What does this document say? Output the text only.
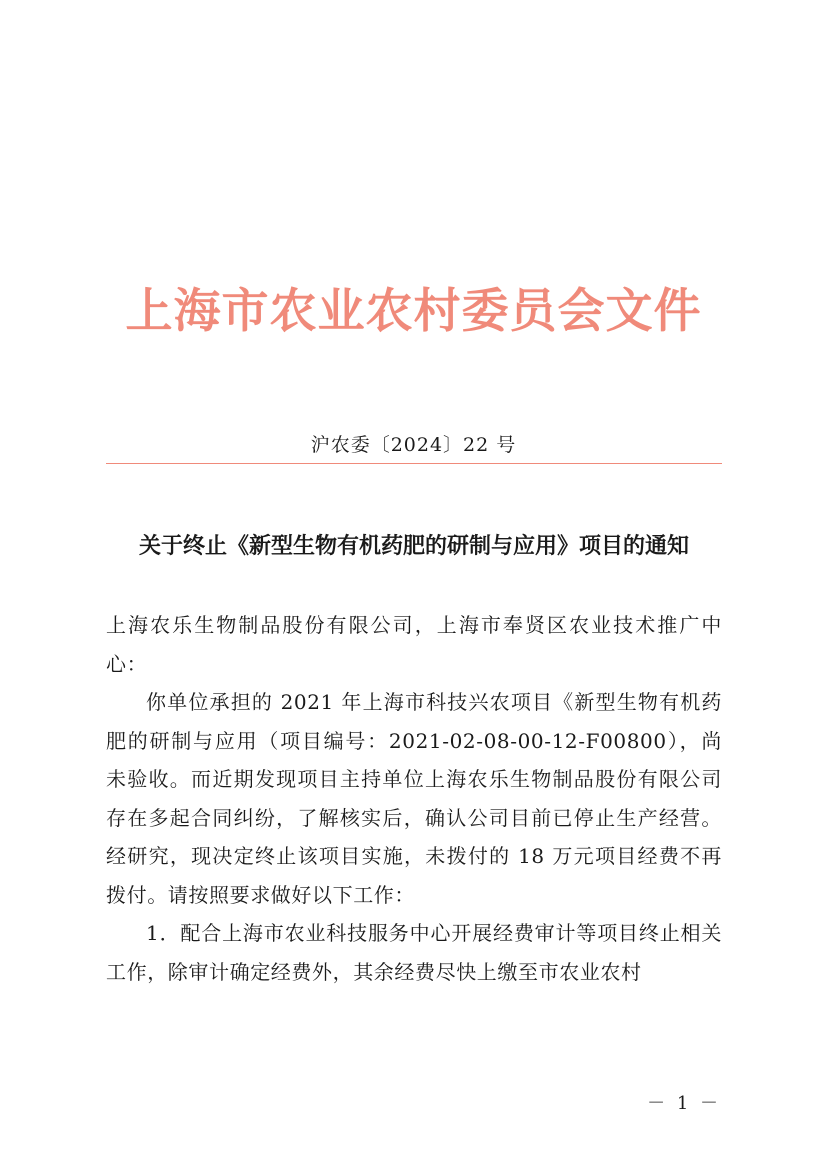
上海市农业农村委员会文件
沪农委〔2024〕22 号
关于终止《新型生物有机药肥的研制与应用》项目的通知

上海农乐生物制品股份有限公司，上海市奉贤区农业技术推广中心：

你单位承担的 2021 年上海市科技兴农项目《新型生物有机药肥的研制与应用（项目编号：2021-02-08-00-12-F00800），尚未验收。而近期发现项目主持单位上海农乐生物制品股份有限公司存在多起合同纠纷，了解核实后，确认公司目前已停止生产经营。经研究，现决定终止该项目实施，未拨付的 18 万元项目经费不再拨付。请按照要求做好以下工作：

1．配合上海市农业科技服务中心开展经费审计等项目终止相关工作，除审计确定经费外，其余经费尽快上缴至市农业农村

－ 1 －
